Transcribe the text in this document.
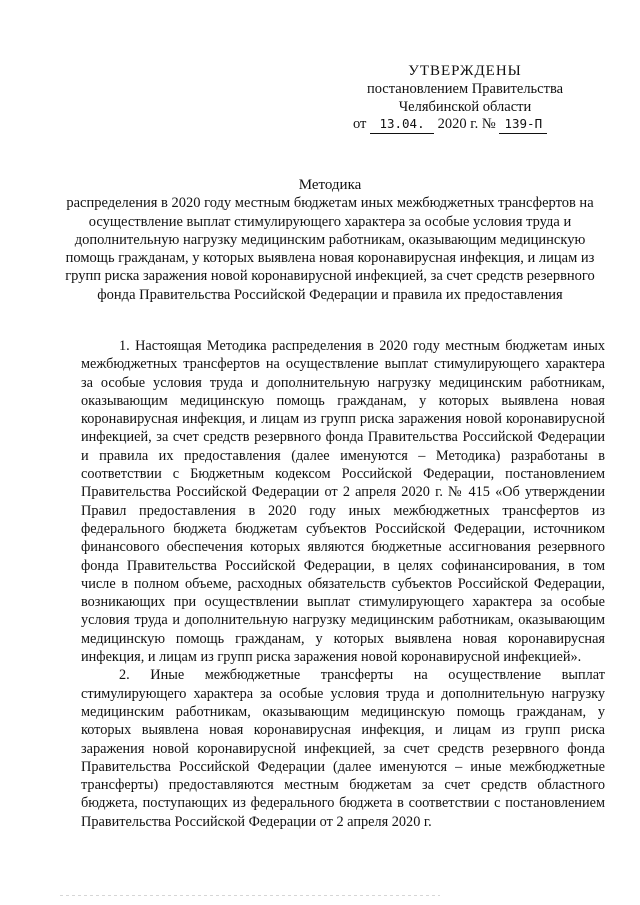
УТВЕРЖДЕНЫ
постановлением Правительства
Челябинской области
от 13.04. 2020 г. № 139-П
Методика
распределения в 2020 году местным бюджетам иных межбюджетных трансфертов на осуществление выплат стимулирующего характера за особые условия труда и дополнительную нагрузку медицинским работникам, оказывающим медицинскую помощь гражданам, у которых выявлена новая коронавирусная инфекция, и лицам из групп риска заражения новой коронавирусной инфекцией, за счет средств резервного фонда Правительства Российской Федерации и правила их предоставления

1. Настоящая Методика распределения в 2020 году местным бюджетам иных межбюджетных трансфертов на осуществление выплат стимулирующего характера за особые условия труда и дополнительную нагрузку медицинским работникам, оказывающим медицинскую помощь гражданам, у которых выявлена новая коронавирусная инфекция, и лицам из групп риска заражения новой коронавирусной инфекцией, за счет средств резервного фонда Правительства Российской Федерации и правила их предоставления (далее именуются – Методика) разработаны в соответствии с Бюджетным кодексом Российской Федерации, постановлением Правительства Российской Федерации от 2 апреля 2020 г. № 415 «Об утверждении Правил предоставления в 2020 году иных межбюджетных трансфертов из федерального бюджета бюджетам субъектов Российской Федерации, источником финансового обеспечения которых являются бюджетные ассигнования резервного фонда Правительства Российской Федерации, в целях софинансирования, в том числе в полном объеме, расходных обязательств субъектов Российской Федерации, возникающих при осуществлении выплат стимулирующего характера за особые условия труда и дополнительную нагрузку медицинским работникам, оказывающим медицинскую помощь гражданам, у которых выявлена новая коронавирусная инфекция, и лицам из групп риска заражения новой коронавирусной инфекцией».

2. Иные межбюджетные трансферты на осуществление выплат стимулирующего характера за особые условия труда и дополнительную нагрузку медицинским работникам, оказывающим медицинскую помощь гражданам, у которых выявлена новая коронавирусная инфекция, и лицам из групп риска заражения новой коронавирусной инфекцией, за счет средств резервного фонда Правительства Российской Федерации (далее именуются – иные межбюджетные трансферты) предоставляются местным бюджетам за счет средств областного бюджета, поступающих из федерального бюджета в соответствии с постановлением Правительства Российской Федерации от 2 апреля 2020 г.
